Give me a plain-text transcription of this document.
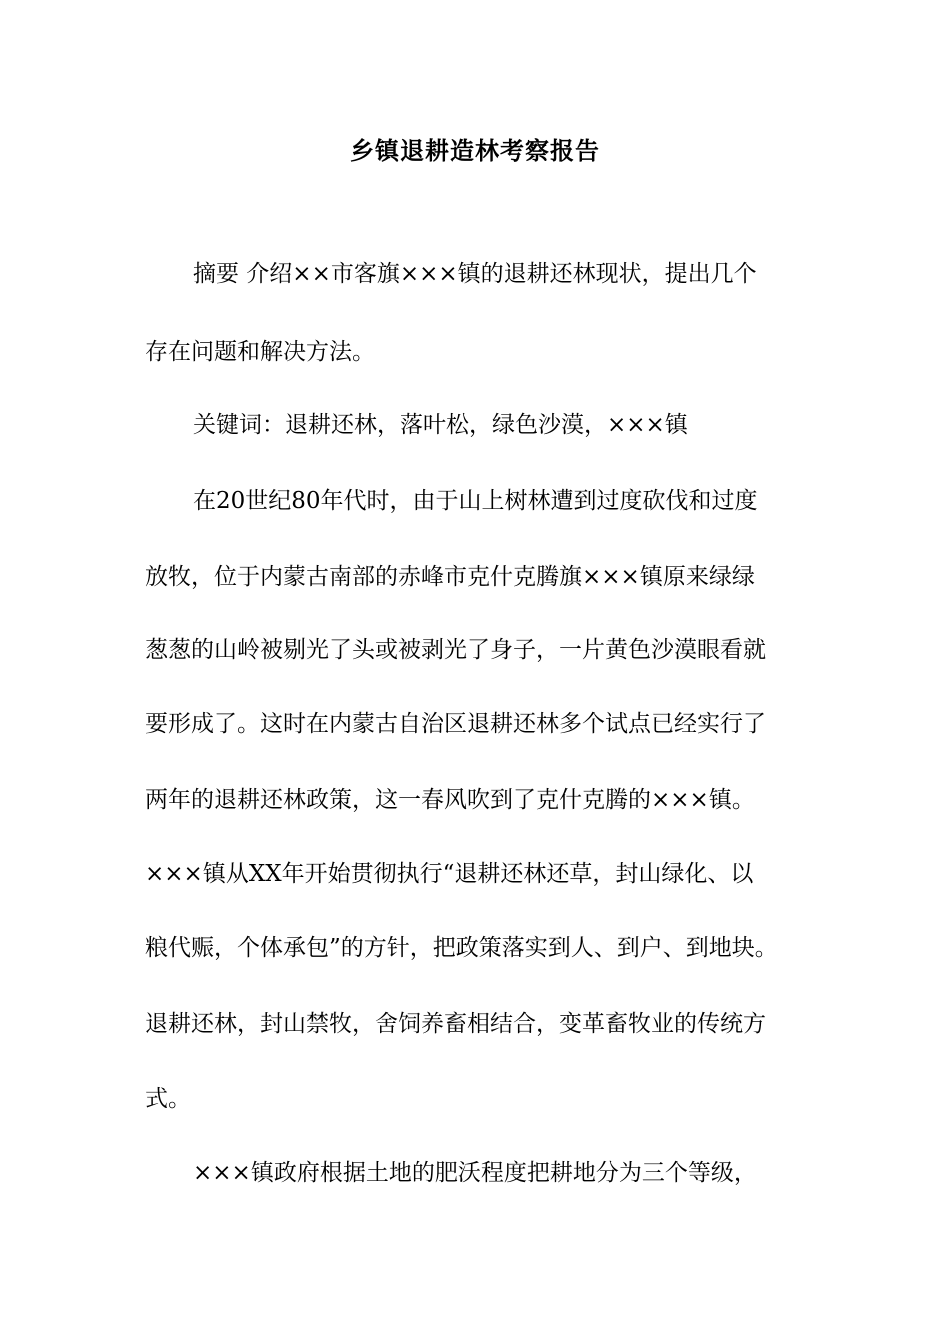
乡镇退耕造林考察报告

摘要 介绍××市客旗×××镇的退耕还林现状，提出几个

存在问题和解决方法。

关键词：退耕还林，落叶松，绿色沙漠，×××镇

在20世纪80年代时，由于山上树林遭到过度砍伐和过度

放牧，位于内蒙古南部的赤峰市克什克腾旗×××镇原来绿绿

葱葱的山岭被剔光了头或被剥光了身子，一片黄色沙漠眼看就

要形成了。这时在内蒙古自治区退耕还林多个试点已经实行了

两年的退耕还林政策，这一春风吹到了克什克腾的×××镇。

×××镇从XX年开始贯彻执行“退耕还林还草，封山绿化、以

粮代赈，个体承包”的方针，把政策落实到人、到户、到地块。

退耕还林，封山禁牧，舍饲养畜相结合，变革畜牧业的传统方

式。

×××镇政府根据土地的肥沃程度把耕地分为三个等级，
